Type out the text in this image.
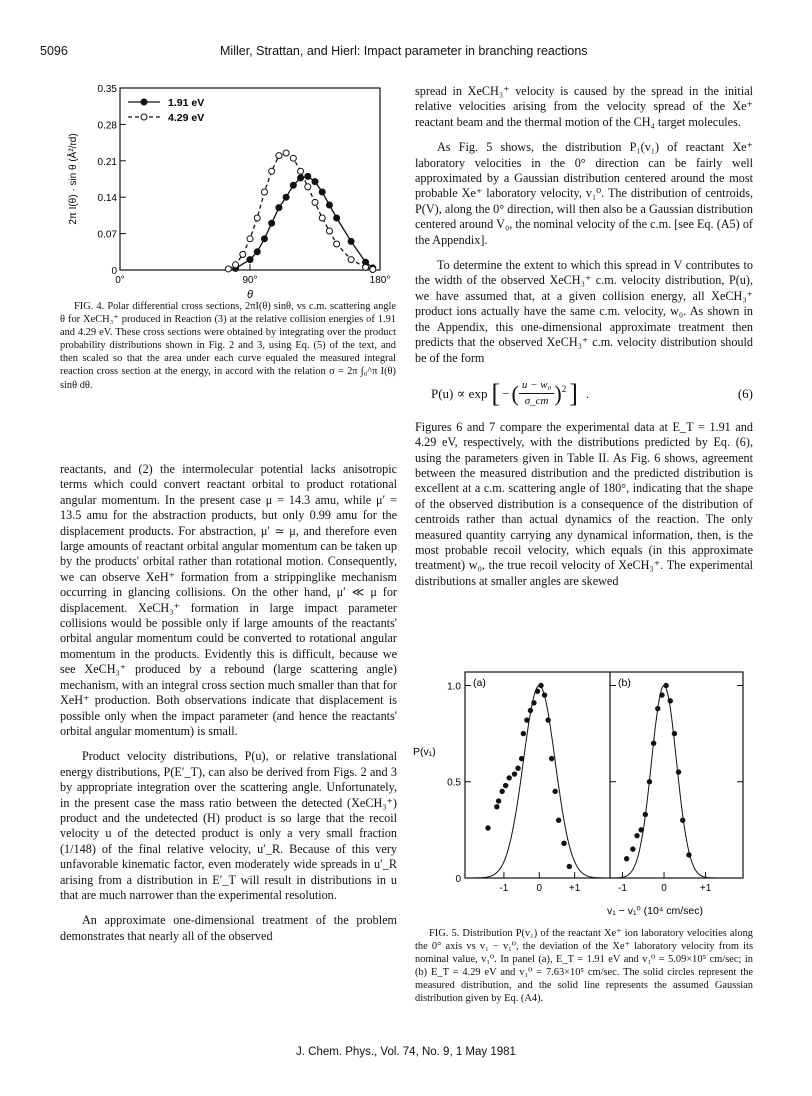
5096	Miller, Strattan, and Hierl: Impact parameter in branching reactions
0
0.07
0.14
0.21
0.28
0.35
0°	90°	180°
θ
2π I(θ) · sin θ (Å²/rd)
1.91 eV
4.29 eV

FIG. 4. Polar differential cross sections, 2πI(θ) sinθ, vs c.m. scattering angle θ for XeCH₃⁺ produced in Reaction (3) at the relative collision energies of 1.91 and 4.29 eV. These cross sections were obtained by integrating over the product probability distributions shown in Fig. 2 and 3, using Eq. (5) of the text, and then scaled so that the area under each curve equaled the measured integral reaction cross section at the energy, in accord with the relation σ = 2π ∫₀^π I(θ) sinθ dθ.

reactants, and (2) the intermolecular potential lacks anisotropic terms which could convert reactant orbital to product rotational angular momentum. In the present case μ = 14.3 amu, while μ′ = 13.5 amu for the abstraction products, but only 0.99 amu for the displacement products. For abstraction, μ′ ≃ μ, and therefore even large amounts of reactant orbital angular momentum can be taken up by the products' orbital rather than rotational motion. Consequently, we can observe XeH⁺ formation from a strippinglike mechanism occurring in glancing collisions. On the other hand, μ′ ≪ μ for displacement. XeCH₃⁺ formation in large impact parameter collisions would be possible only if large amounts of the reactants' orbital angular momentum could be converted to rotational angular momentum in the products. Evidently this is difficult, because we see XeCH₃⁺ produced by a rebound (large scattering angle) mechanism, with an integral cross section much smaller than that for XeH⁺ production. Both observations indicate that displacement is possible only when the impact parameter (and hence the reactants' orbital angular momentum) is small.

Product velocity distributions, P(u), or relative translational energy distributions, P(E′_T), can also be derived from Figs. 2 and 3 by appropriate integration over the scattering angle. Unfortunately, in the present case the mass ratio between the detected (XeCH₃⁺) product and the undetected (H) product is so large that the recoil velocity u of the detected product is only a very small fraction (1/148) of the final relative velocity, u′_R. Because of this very unfavorable kinematic factor, even moderately wide spreads in u′_R arising from a distribution in E′_T will result in distributions in u that are much narrower than the experimental resolution.

An approximate one-dimensional treatment of the problem demonstrates that nearly all of the observed

spread in XeCH₃⁺ velocity is caused by the spread in the initial relative velocities arising from the velocity spread of the Xe⁺ reactant beam and the thermal motion of the CH₄ target molecules.

As Fig. 5 shows, the distribution P₁(v₁) of reactant Xe⁺ laboratory velocities in the 0° direction can be fairly well approximated by a Gaussian distribution centered around the most probable Xe⁺ laboratory velocity, v₁⁰. The distribution of centroids, P(V), along the 0° direction, will then also be a Gaussian distribution centered around V₀, the nominal velocity of the c.m. [see Eq. (A5) of the Appendix].

To determine the extent to which this spread in V contributes to the width of the observed XeCH₃⁺ c.m. velocity distribution, P(u), we have assumed that, at a given collision energy, all XeCH₃⁺ product ions actually have the same c.m. velocity, w₀. As shown in the Appendix, this one-dimensional approximate treatment then predicts that the observed XeCH₃⁺ c.m. velocity distribution should be of the form

P(u) ∝ exp [ − ( $\frac{\text{u − w₀}}{\sigma\_cm}$ ) 2 ] .	(6)

Figures 6 and 7 compare the experimental data at E_T = 1.91 and 4.29 eV, respectively, with the distributions predicted by Eq. (6), using the parameters given in Table II. As Fig. 6 shows, agreement between the measured distribution and the predicted distribution is excellent at a c.m. scattering angle of 180°, indicating that the shape of the observed distribution is a consequence of the distribution of centroids rather than actual dynamics of the reaction. The only measured quantity carrying any dynamical information, then, is the most probable recoil velocity, which equals (in this approximate treatment) w₀, the true recoil velocity of XeCH₃⁺. The experimental distributions at smaller angles are skewed

(a)
0
0.5
1.0
-1	0	+1
(b)
-1	0	+1
P(v₁)
v₁ − v₁⁰ (10⁴ cm/sec)

FIG. 5. Distribution P(v₁) of the reactant Xe⁺ ion laboratory velocities along the 0° axis vs v₁ − v₁⁰, the deviation of the Xe⁺ laboratory velocity from its nominal value, v₁⁰. In panel (a), E_T = 1.91 eV and v₁⁰ = 5.09×10⁵ cm/sec; in (b) E_T = 4.29 eV and v₁⁰ = 7.63×10⁵ cm/sec. The solid circles represent the measured distribution, and the solid line represents the assumed Gaussian distribution given by Eq. (A4).

J. Chem. Phys., Vol. 74, No. 9, 1 May 1981
